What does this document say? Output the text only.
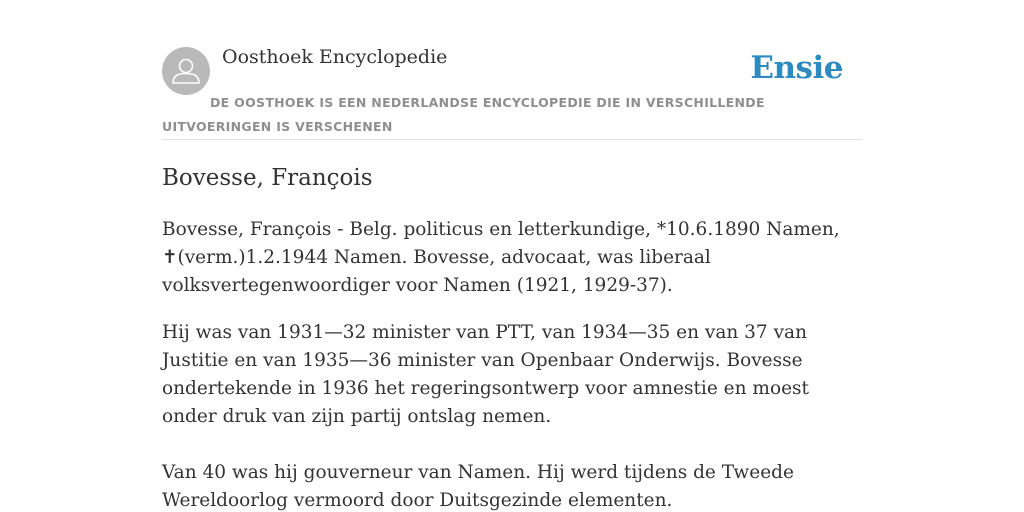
Oosthoek Encyclopedie	Ensie
DE OOSTHOEK IS EEN NEDERLANDSE ENCYCLOPEDIE DIE IN VERSCHILLENDE UITVOERINGEN IS VERSCHENEN
Bovesse, François

Bovesse, François - Belg. politicus en letterkundige, *10.6.1890 Namen, ✝(verm.)1.2.1944 Namen. Bovesse, advocaat, was liberaal volksvertegenwoordiger voor Namen (1921, 1929-37).

Hij was van 1931—32 minister van PTT, van 1934—35 en van 37 van Justitie en van 1935—36 minister van Openbaar Onderwijs. Bovesse ondertekende in 1936 het regeringsontwerp voor amnestie en moest onder druk van zijn partij ontslag nemen.

Van 40 was hij gouverneur van Namen. Hij werd tijdens de Tweede Wereldoorlog vermoord door Duitsgezinde elementen.
